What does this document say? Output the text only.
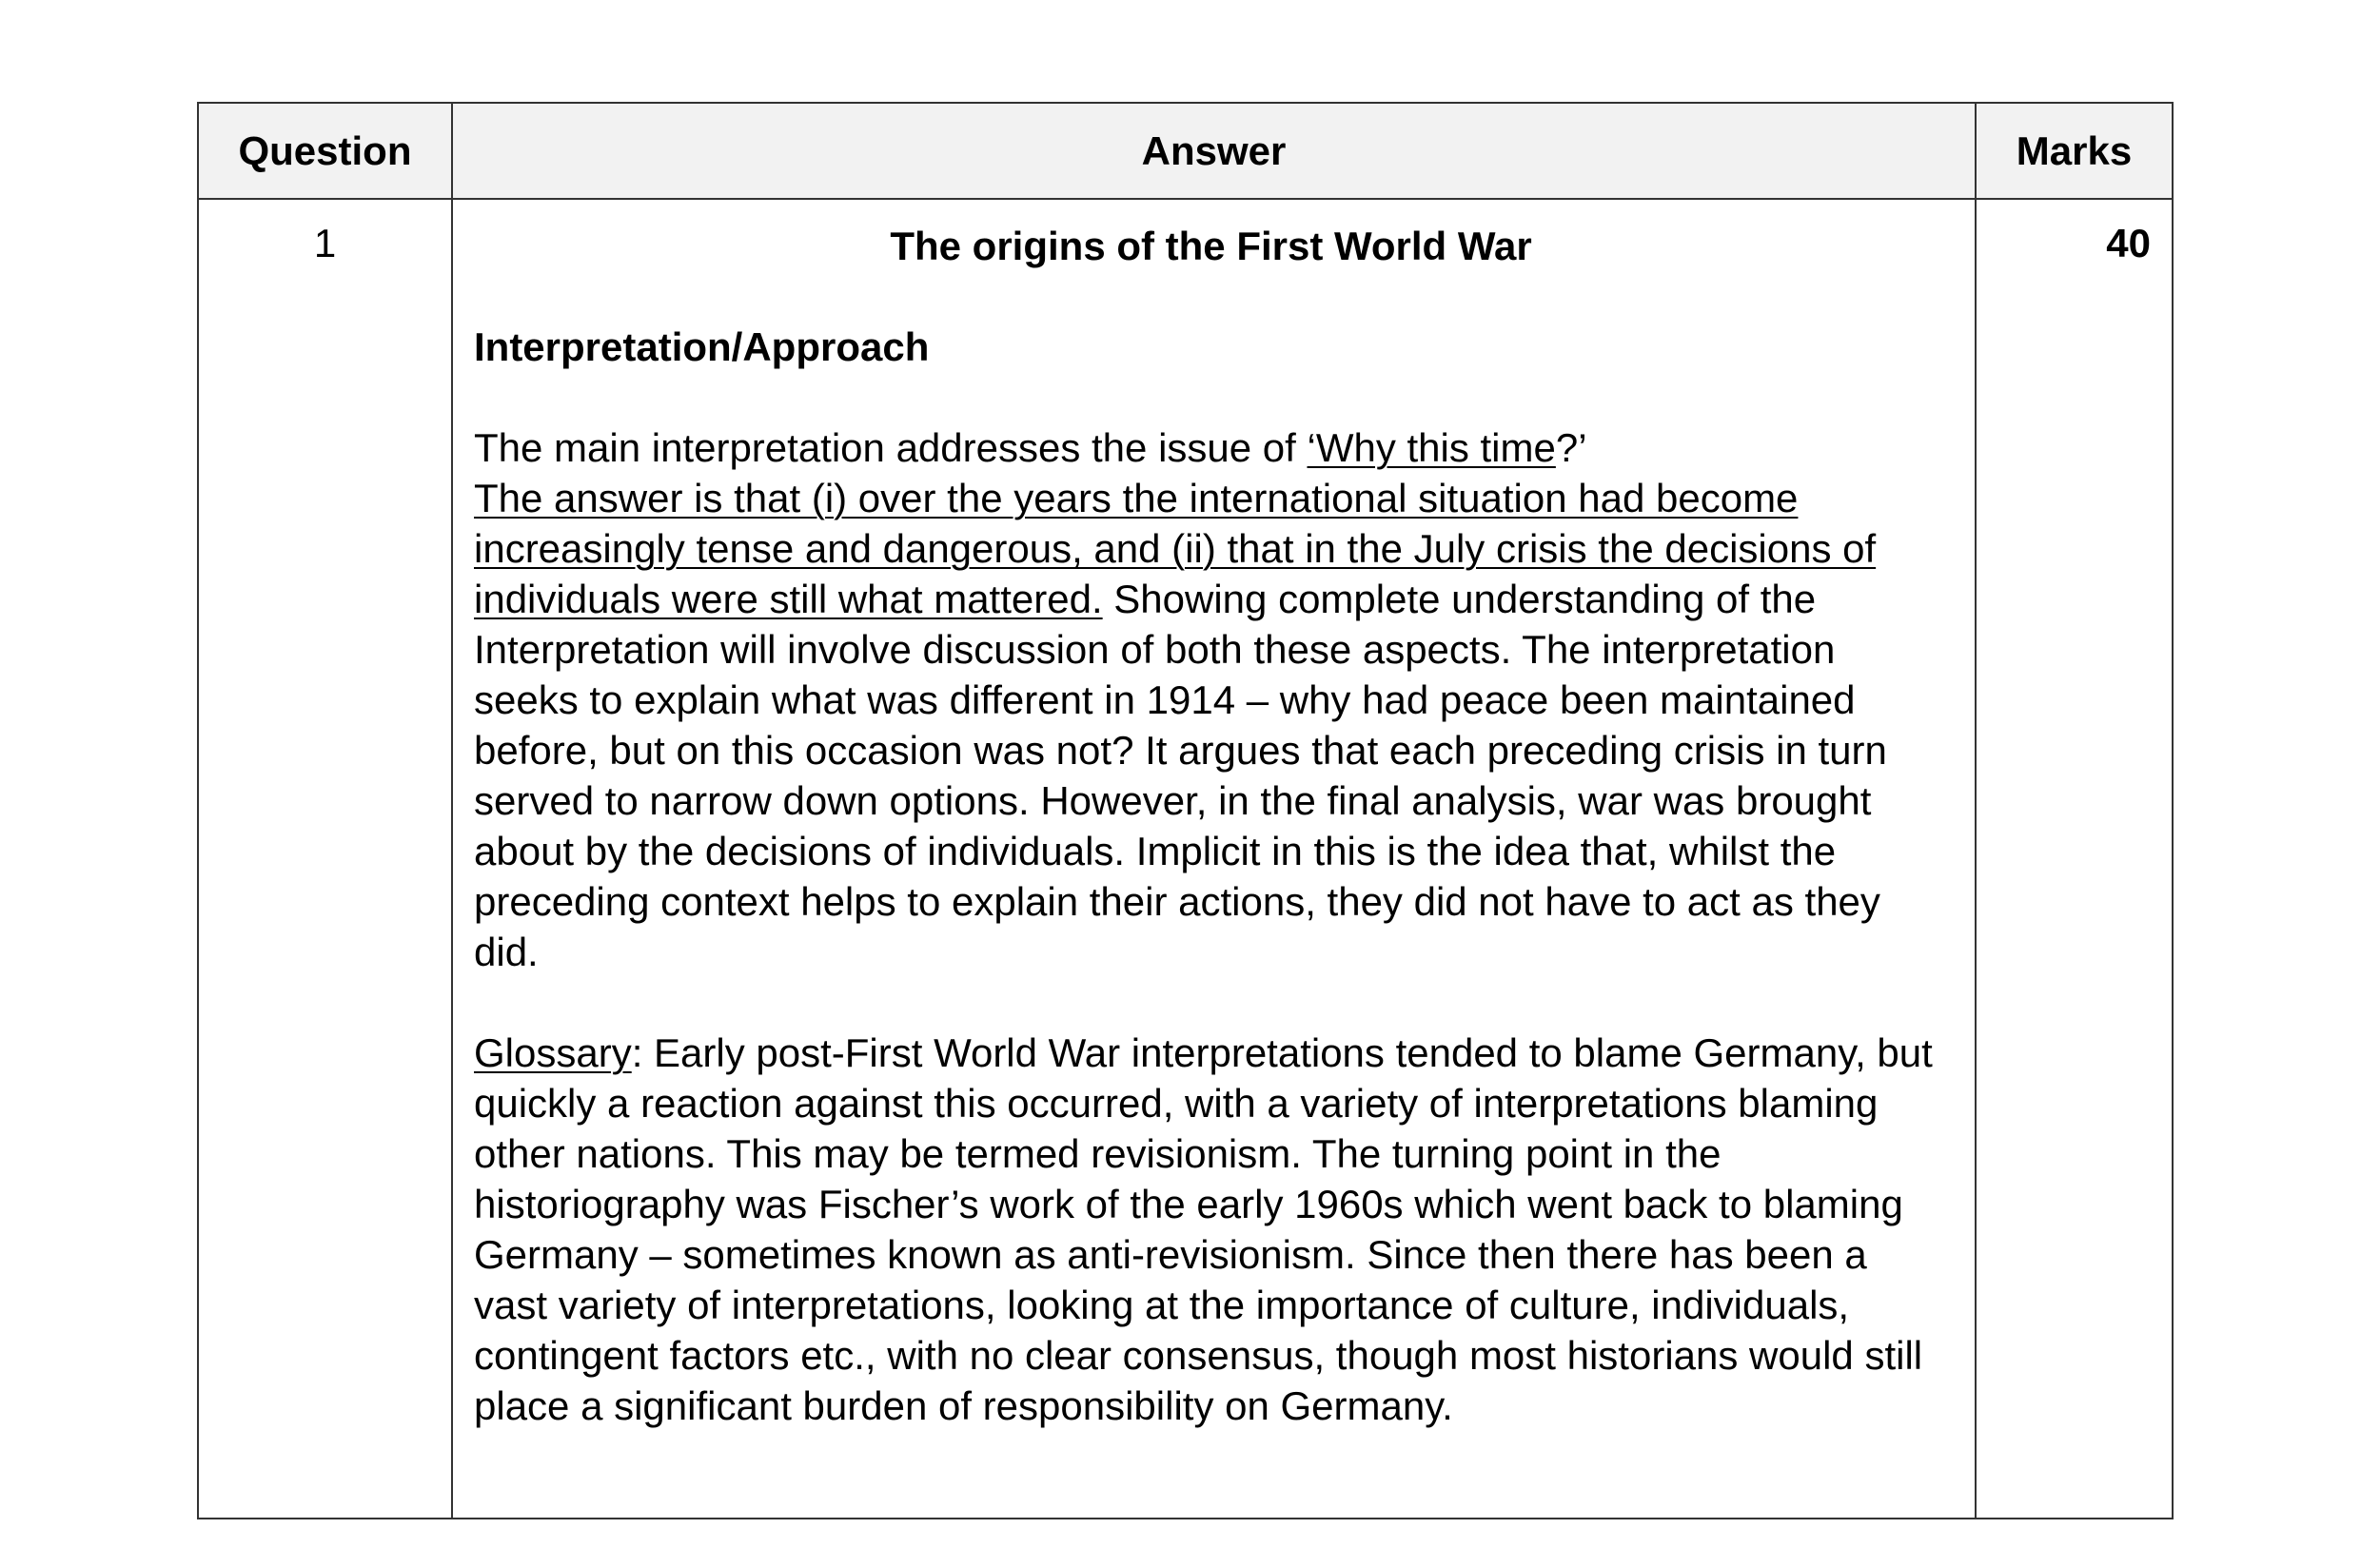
Question	Answer	Marks
1	The origins of the First World War

Interpretation/Approach

The main interpretation addresses the issue of ‘Why this time?’
The answer is that (i) over the years the international situation had become increasingly tense and dangerous, and (ii) that in the July crisis the decisions of individuals were still what mattered. Showing complete understanding of the Interpretation will involve discussion of both these aspects. The interpretation seeks to explain what was different in 1914 – why had peace been maintained before, but on this occasion was not? It argues that each preceding crisis in turn served to narrow down options. However, in the final analysis, war was brought about by the decisions of individuals. Implicit in this is the idea that, whilst the preceding context helps to explain their actions, they did not have to act as they did.

Glossary: Early post-First World War interpretations tended to blame Germany, but quickly a reaction against this occurred, with a variety of interpretations blaming other nations. This may be termed revisionism. The turning point in the historiography was Fischer’s work of the early 1960s which went back to blaming Germany – sometimes known as anti-revisionism. Since then there has been a vast variety of interpretations, looking at the importance of culture, individuals, contingent factors etc., with no clear consensus, though most historians would still place a significant burden of responsibility on Germany.	40
